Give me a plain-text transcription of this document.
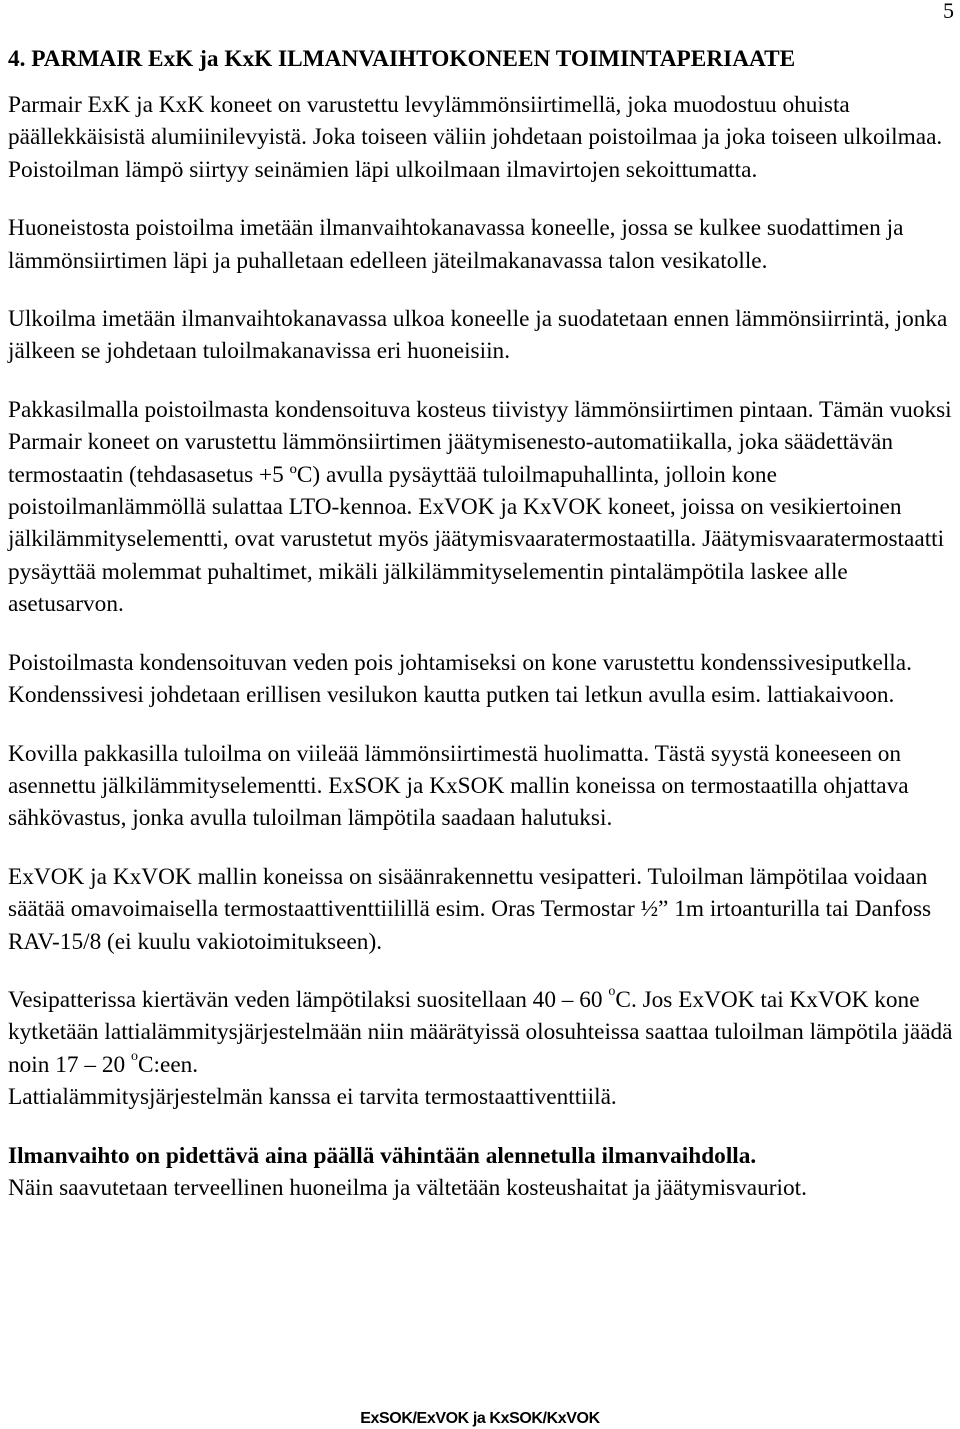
5
4. PARMAIR ExK ja KxK ILMANVAIHTOKONEEN TOIMINTAPERIAATE

Parmair ExK ja KxK koneet on varustettu levylämmönsiirtimellä, joka muodostuu ohuista päällekkäisistä alumiinilevyistä. Joka toiseen väliin johdetaan poistoilmaa ja joka toiseen ulkoilmaa. Poistoilman lämpö siirtyy seinämien läpi ulkoilmaan ilmavirtojen sekoittumatta.

Huoneistosta poistoilma imetään ilmanvaihtokanavassa koneelle, jossa se kulkee suodattimen ja lämmönsiirtimen läpi ja puhalletaan edelleen jäteilmakanavassa talon vesikatolle.

Ulkoilma imetään ilmanvaihtokanavassa ulkoa koneelle ja suodatetaan ennen lämmönsiirrintä, jonka jälkeen se johdetaan tuloilmakanavissa eri huoneisiin.

Pakkasilmalla poistoilmasta kondensoituva kosteus tiivistyy lämmönsiirtimen pintaan. Tämän vuoksi Parmair koneet on varustettu lämmönsiirtimen jäätymisenesto-automatiikalla, joka säädettävän termostaatin (tehdasasetus +5 ºC) avulla pysäyttää tuloilmapuhallinta, jolloin kone poistoilmanlämmöllä sulattaa LTO-kennoa. ExVOK ja KxVOK koneet, joissa on vesikiertoinen jälkilämmityselementti, ovat varustetut myös jäätymisvaaratermostaatilla. Jäätymisvaaratermostaatti pysäyttää molemmat puhaltimet, mikäli jälkilämmityselementin pintalämpötila laskee alle asetusarvon.

Poistoilmasta kondensoituvan veden pois johtamiseksi on kone varustettu kondenssivesiputkella. Kondenssivesi johdetaan erillisen vesilukon kautta putken tai letkun avulla esim. lattiakaivoon.

Kovilla pakkasilla tuloilma on viileää lämmönsiirtimestä huolimatta. Tästä syystä koneeseen on asennettu jälkilämmityselementti. ExSOK ja KxSOK mallin koneissa on termostaatilla ohjattava sähkövastus, jonka avulla tuloilman lämpötila saadaan halutuksi.

ExVOK ja KxVOK mallin koneissa on sisäänrakennettu vesipatteri. Tuloilman lämpötilaa voidaan säätää omavoimaisella termostaattiventtiilillä esim. Oras Termostar ½” 1m irtoanturilla tai Danfoss RAV-15/8 (ei kuulu vakiotoimitukseen).

Vesipatterissa kiertävän veden lämpötilaksi suositellaan 40 – 60 $^o$C. Jos ExVOK tai KxVOK kone kytketään lattialämmitysjärjestelmään niin määrätyissä olosuhteissa saattaa tuloilman lämpötila jäädä noin 17 – 20 $^o$C:een.

Lattialämmitysjärjestelmän kanssa ei tarvita termostaattiventtiilä.

Ilmanvaihto on pidettävä aina päällä vähintään alennetulla ilmanvaihdolla.

Näin saavutetaan terveellinen huoneilma ja vältetään kosteushaitat ja jäätymisvauriot.

ExSOK/ExVOK ja KxSOK/KxVOK
